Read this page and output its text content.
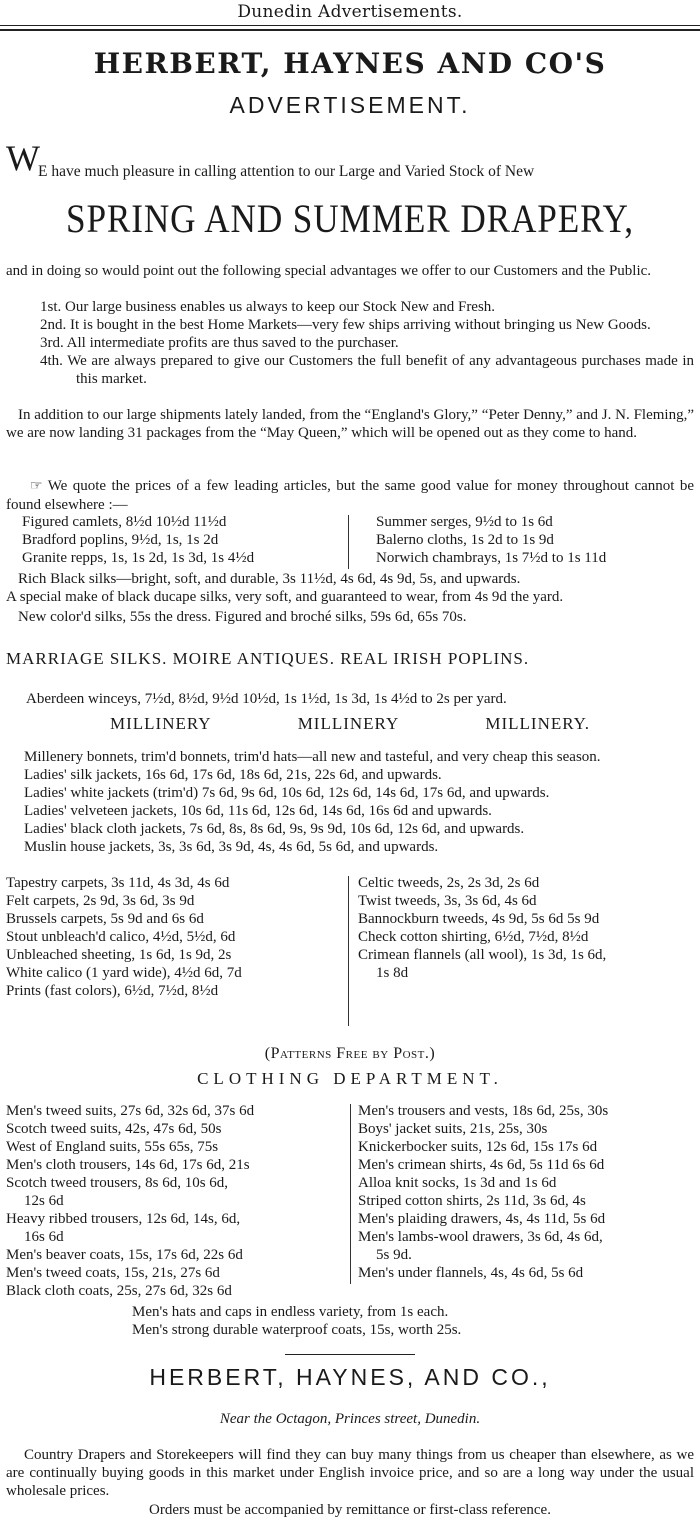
Dunedin Advertisements.
HERBERT, HAYNES AND CO'S
ADVERTISEMENT.
W
E have much pleasure in calling attention to our Large and Varied Stock of New
SPRING AND SUMMER DRAPERY,
and in doing so would point out the following special advantages we offer to our Customers and the Public.
1st. Our large business enables us always to keep our Stock New and Fresh.
2nd. It is bought in the best Home Markets—very few ships arriving without bringing us New Goods.
3rd. All intermediate profits are thus saved to the purchaser.
4th. We are always prepared to give our Customers the full benefit of any advantageous purchases made in this market.
In addition to our large shipments lately landed, from the “England's Glory,” “Peter Denny,” and J. N. Fleming,” we are now landing 31 packages from the “May Queen,” which will be opened out as they come to hand.
☞ We quote the prices of a few leading articles, but the same good value for money throughout cannot be found elsewhere :—
Figured camlets, 8½d 10½d 11½d
Bradford poplins, 9½d, 1s, 1s 2d
Granite repps, 1s, 1s 2d, 1s 3d, 1s 4½d
Summer serges, 9½d to 1s 6d
Balerno cloths, 1s 2d to 1s 9d
Norwich chambrays, 1s 7½d to 1s 11d
Rich Black silks—bright, soft, and durable, 3s 11½d, 4s 6d, 4s 9d, 5s, and upwards.
A special make of black ducape silks, very soft, and guaranteed to wear, from 4s 9d the yard.
New color'd silks, 55s the dress. Figured and broché silks, 59s 6d, 65s 70s.
MARRIAGE SILKS. MOIRE ANTIQUES. REAL IRISH POPLINS.
Aberdeen winceys, 7½d, 8½d, 9½d 10½d, 1s 1½d, 1s 3d, 1s 4½d to 2s per yard.
MILLINERY	MILLINERY	MILLINERY.
Millenery bonnets, trim'd bonnets, trim'd hats—all new and tasteful, and very cheap this season.
Ladies' silk jackets, 16s 6d, 17s 6d, 18s 6d, 21s, 22s 6d, and upwards.
Ladies' white jackets (trim'd) 7s 6d, 9s 6d, 10s 6d, 12s 6d, 14s 6d, 17s 6d, and upwards.
Ladies' velveteen jackets, 10s 6d, 11s 6d, 12s 6d, 14s 6d, 16s 6d and upwards.
Ladies' black cloth jackets, 7s 6d, 8s, 8s 6d, 9s, 9s 9d, 10s 6d, 12s 6d, and upwards.
Muslin house jackets, 3s, 3s 6d, 3s 9d, 4s, 4s 6d, 5s 6d, and upwards.
Tapestry carpets, 3s 11d, 4s 3d, 4s 6d
Felt carpets, 2s 9d, 3s 6d, 3s 9d
Brussels carpets, 5s 9d and 6s 6d
Stout unbleach'd calico, 4½d, 5½d, 6d
Unbleached sheeting, 1s 6d, 1s 9d, 2s
White calico (1 yard wide), 4½d 6d, 7d
Prints (fast colors), 6½d, 7½d, 8½d
Celtic tweeds, 2s, 2s 3d, 2s 6d
Twist tweeds, 3s, 3s 6d, 4s 6d
Bannockburn tweeds, 4s 9d, 5s 6d 5s 9d
Check cotton shirting, 6½d, 7½d, 8½d
Crimean flannels (all wool), 1s 3d, 1s 6d,
1s 8d
(Patterns Free by Post.)
CLOTHING DEPARTMENT.
Men's tweed suits, 27s 6d, 32s 6d, 37s 6d
Scotch tweed suits, 42s, 47s 6d, 50s
West of England suits, 55s 65s, 75s
Men's cloth trousers, 14s 6d, 17s 6d, 21s
Scotch tweed trousers, 8s 6d, 10s 6d,
12s 6d
Heavy ribbed trousers, 12s 6d, 14s, 6d,
16s 6d
Men's beaver coats, 15s, 17s 6d, 22s 6d
Men's tweed coats, 15s, 21s, 27s 6d
Black cloth coats, 25s, 27s 6d, 32s 6d
Men's trousers and vests, 18s 6d, 25s, 30s
Boys' jacket suits, 21s, 25s, 30s
Knickerbocker suits, 12s 6d, 15s 17s 6d
Men's crimean shirts, 4s 6d, 5s 11d 6s 6d
Alloa knit socks, 1s 3d and 1s 6d
Striped cotton shirts, 2s 11d, 3s 6d, 4s
Men's plaiding drawers, 4s, 4s 11d, 5s 6d
Men's lambs-wool drawers, 3s 6d, 4s 6d,
5s 9d.
Men's under flannels, 4s, 4s 6d, 5s 6d
Men's hats and caps in endless variety, from 1s each.
Men's strong durable waterproof coats, 15s, worth 25s.
HERBERT, HAYNES, AND CO.,
Near the Octagon, Princes street, Dunedin.
Country Drapers and Storekeepers will find they can buy many things from us cheaper than elsewhere, as we are continually buying goods in this market under English invoice price, and so are a long way under the usual wholesale prices.
Orders must be accompanied by remittance or first-class reference.
